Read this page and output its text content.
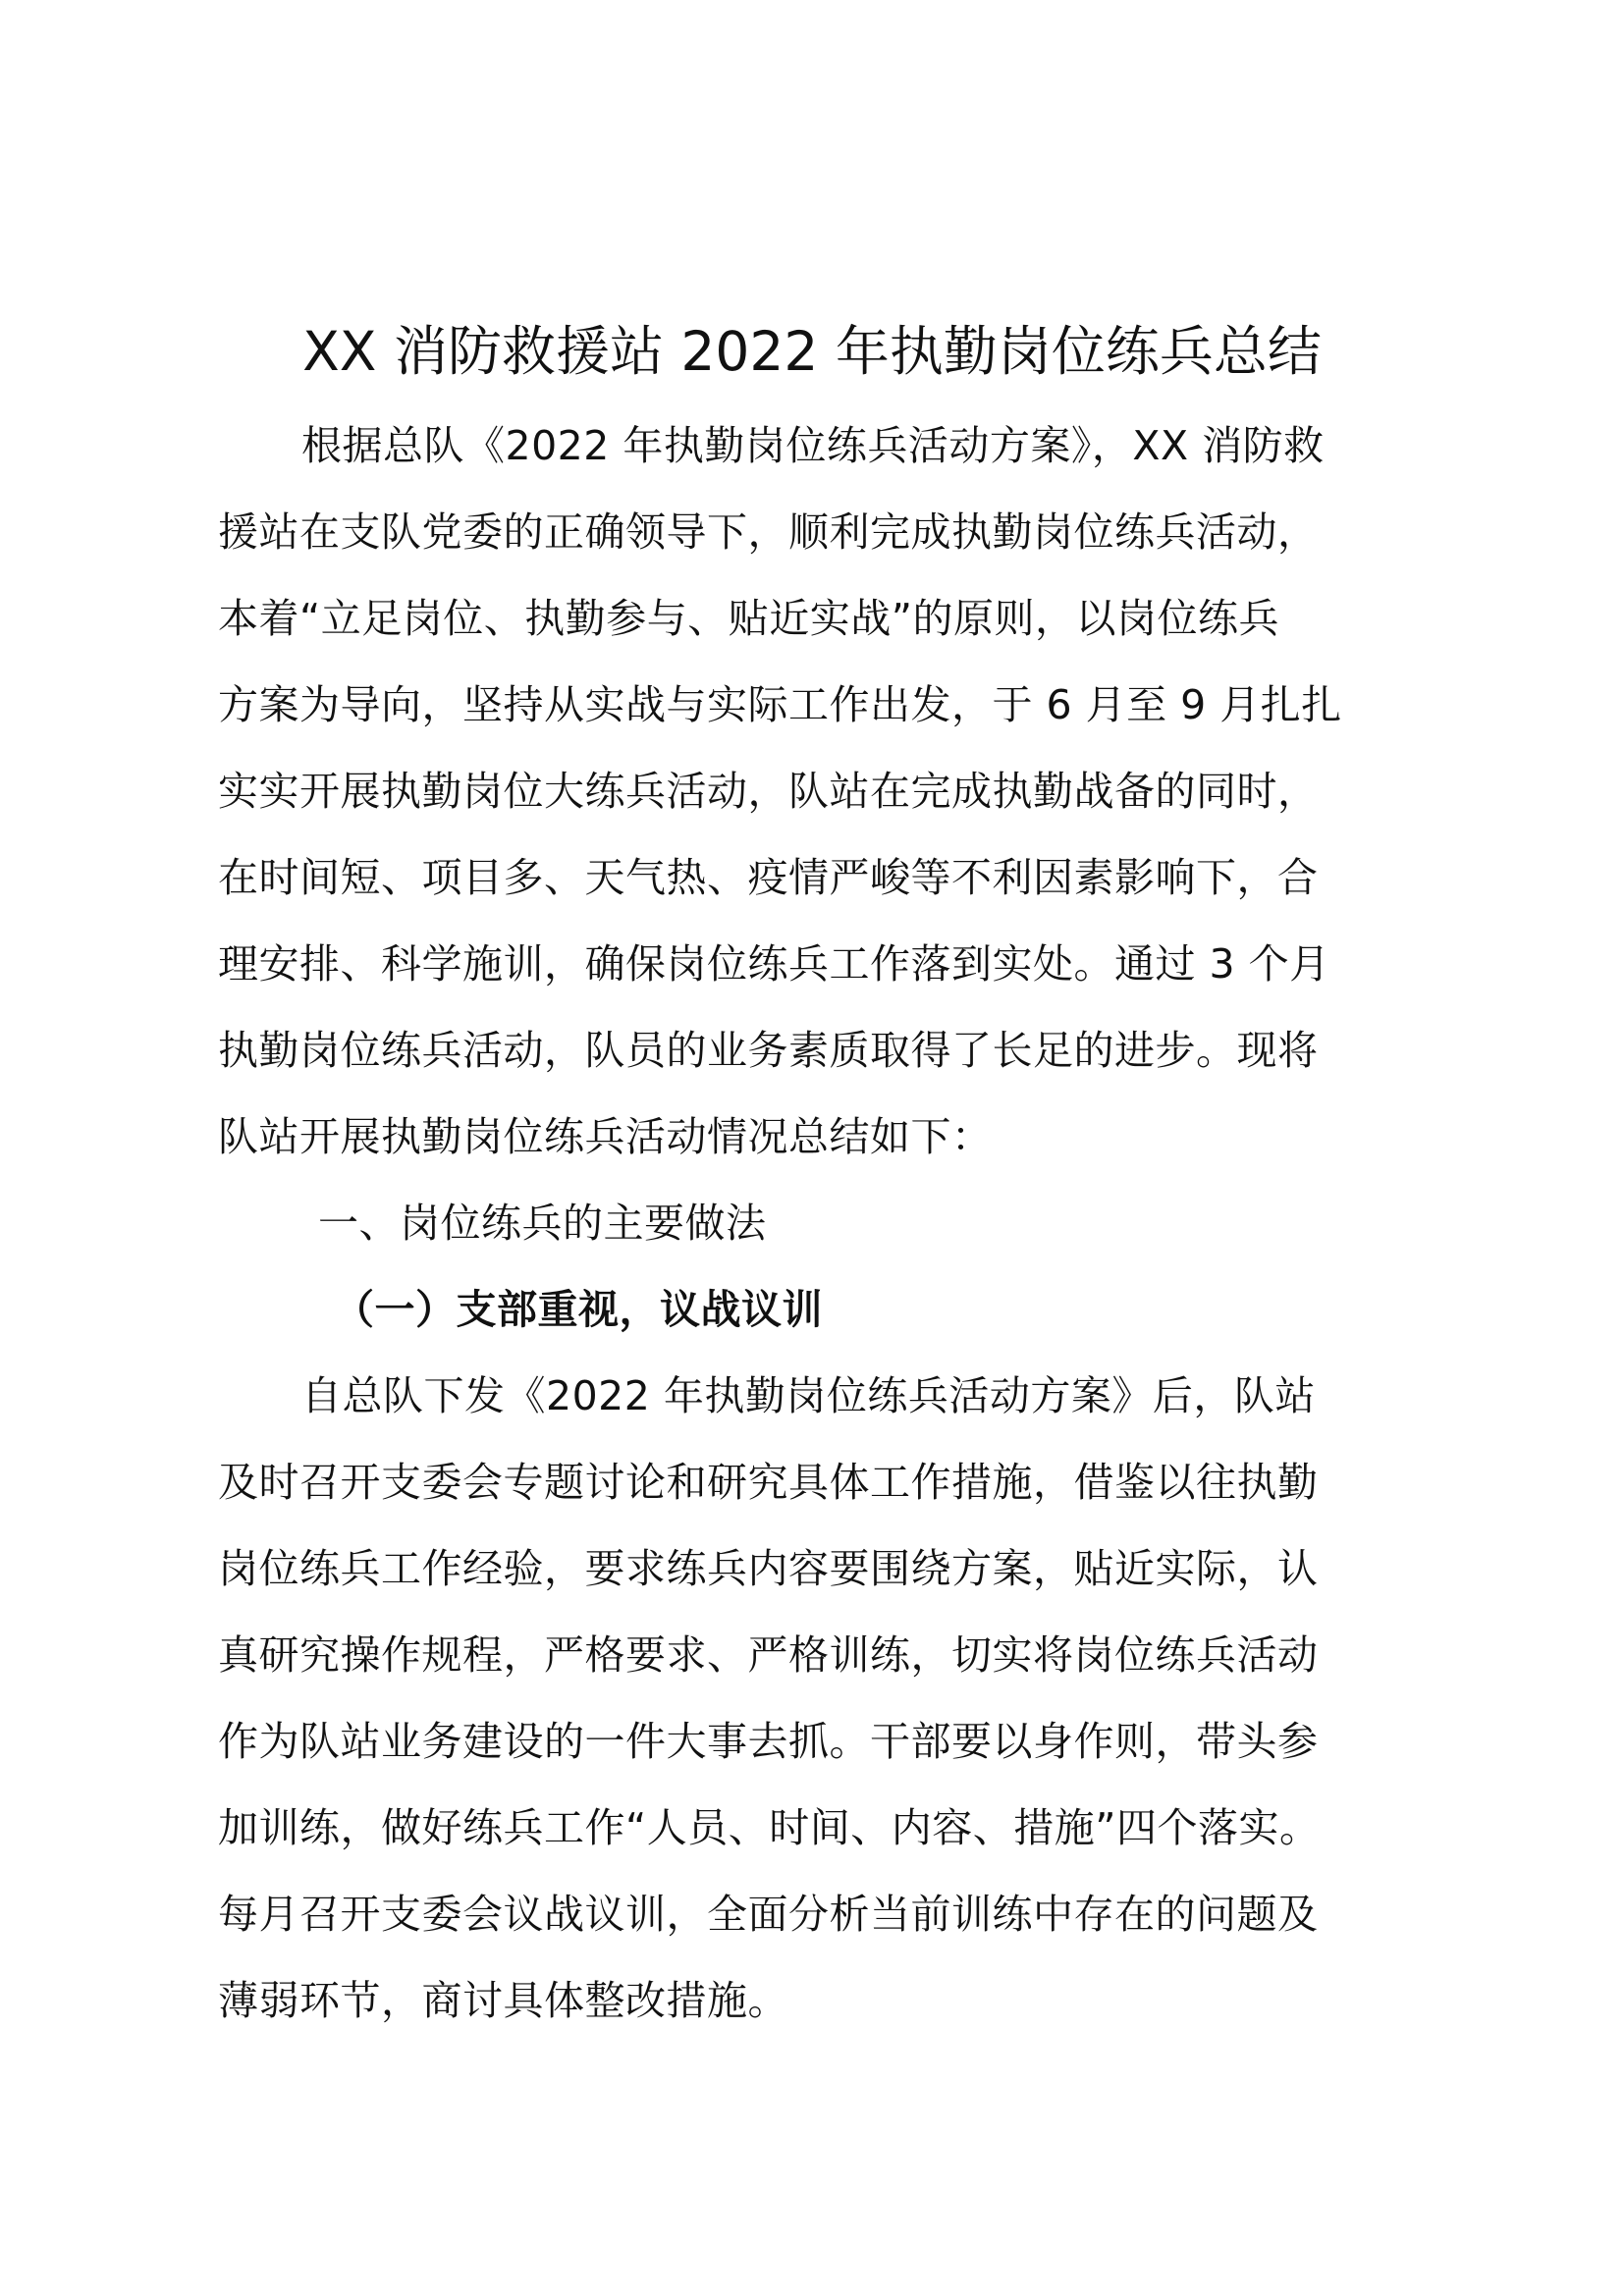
XX 消防救援站 2022 年执勤岗位练兵总结
根据总队《2022 年执勤岗位练兵活动方案》，XX 消防救
援站在支队党委的正确领导下，顺利完成执勤岗位练兵活动，
本着“立足岗位、执勤参与、贴近实战”的原则，以岗位练兵
方案为导向，坚持从实战与实际工作出发，于 6 月至 9 月扎扎
实实开展执勤岗位大练兵活动，队站在完成执勤战备的同时，
在时间短、项目多、天气热、疫情严峻等不利因素影响下，合
理安排、科学施训，确保岗位练兵工作落到实处。通过 3 个月
执勤岗位练兵活动，队员的业务素质取得了长足的进步。现将
队站开展执勤岗位练兵活动情况总结如下：
一、岗位练兵的主要做法
（一）支部重视，议战议训
自总队下发《2022 年执勤岗位练兵活动方案》后，队站
及时召开支委会专题讨论和研究具体工作措施，借鉴以往执勤
岗位练兵工作经验，要求练兵内容要围绕方案，贴近实际，认
真研究操作规程，严格要求、严格训练，切实将岗位练兵活动
作为队站业务建设的一件大事去抓。干部要以身作则，带头参
加训练，做好练兵工作“人员、时间、内容、措施”四个落实。
每月召开支委会议战议训，全面分析当前训练中存在的问题及
薄弱环节，商讨具体整改措施。
